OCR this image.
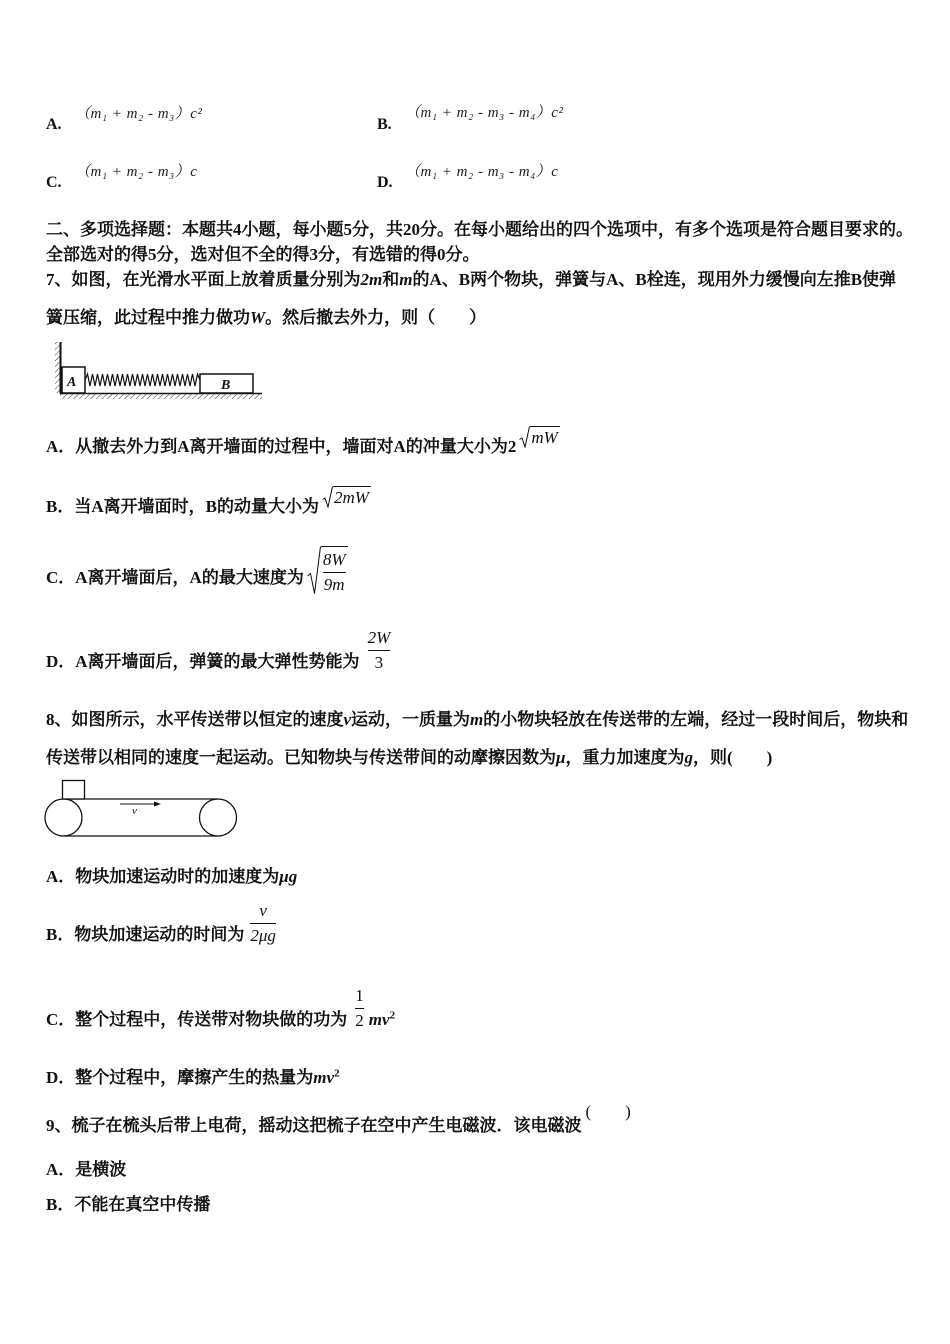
A.
（m₁ + m₂ - m₃）c²
B.
（m₁ + m₂ - m₃ - m₄）c²
C.
（m₁ + m₂ - m₃）c
D.
（m₁ + m₂ - m₃ - m₄）c
二、多项选择题：本题共4小题，每小题5分，共20分。在每小题给出的四个选项中，有多个选项是符合题目要求的。
全部选对的得5分，选对但不全的得3分，有选错的得0分。
7、如图，在光滑水平面上放着质量分别为 2m 和 m 的A、B两个物块，弹簧与A、B栓连，现用外力缓慢向左推B使弹
簧压缩，此过程中推力做功 W 。然后撤去外力，则（　　）
A	B
A．从撤去外力到A离开墙面的过程中，墙面对A的冲量大小为2 mW
B．当A离开墙面时，B的动量大小为 2mW
C．A离开墙面后，A的最大速度为 $\frac{8W}{9m}$
D．A离开墙面后，弹簧的最大弹性势能为 $\frac{2W}{3}$
8、如图所示，水平传送带以恒定的速度 v 运动，一质量为 m 的小物块轻放在传送带的左端，经过一段时间后，物块和
传送带以相同的速度一起运动。已知物块与传送带间的动摩擦因数为 μ ，重力加速度为 g ，则(　　)
v
A．物块加速运动时的加速度为 μg
B．物块加速运动的时间为 $\frac{v}{2\mu g}$
C．整个过程中，传送带对物块做的功为 $\frac{1}{2} mv^2$
D．整个过程中，摩擦产生的热量为$mv^2$
9、梳子在梳头后带上电荷，摇动这把梳子在空中产生电磁波．该电磁波
(　　)
A．是横波
B．不能在真空中传播
